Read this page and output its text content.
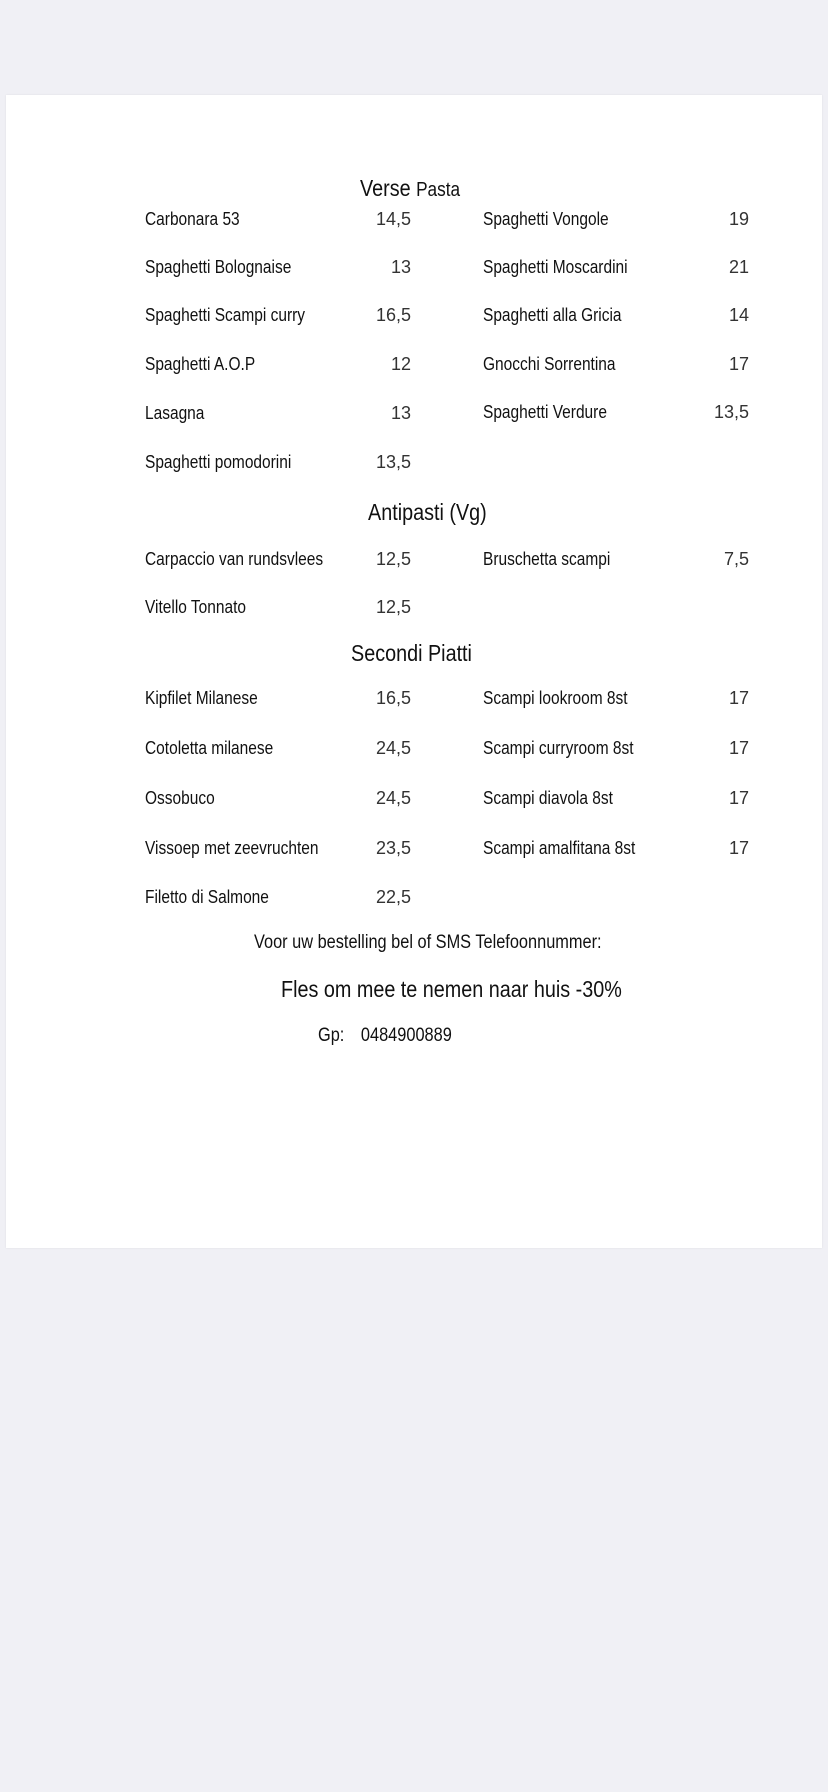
Verse Pasta
Carbonara 53	14,5
Spaghetti Bolognaise	13
Spaghetti Scampi curry	16,5
Spaghetti A.O.P	12
Lasagna	13
Spaghetti pomodorini	13,5
Spaghetti Vongole	19
Spaghetti Moscardini	21
Spaghetti alla Gricia	14
Gnocchi Sorrentina	17
Spaghetti Verdure	13,5
Antipasti (Vg)
Carpaccio van rundsvlees	12,5
Vitello Tonnato	12,5
Bruschetta scampi	7,5
Secondi Piatti
Kipfilet Milanese	16,5
Cotoletta milanese	24,5
Ossobuco	24,5
Vissoep met zeevruchten	23,5
Filetto di Salmone	22,5
Scampi lookroom 8st	17
Scampi curryroom 8st	17
Scampi diavola 8st	17
Scampi amalfitana 8st	17
Voor uw bestelling bel of SMS Telefoonnummer:
Fles om mee te nemen naar huis -30%
Gp: 0484900889
